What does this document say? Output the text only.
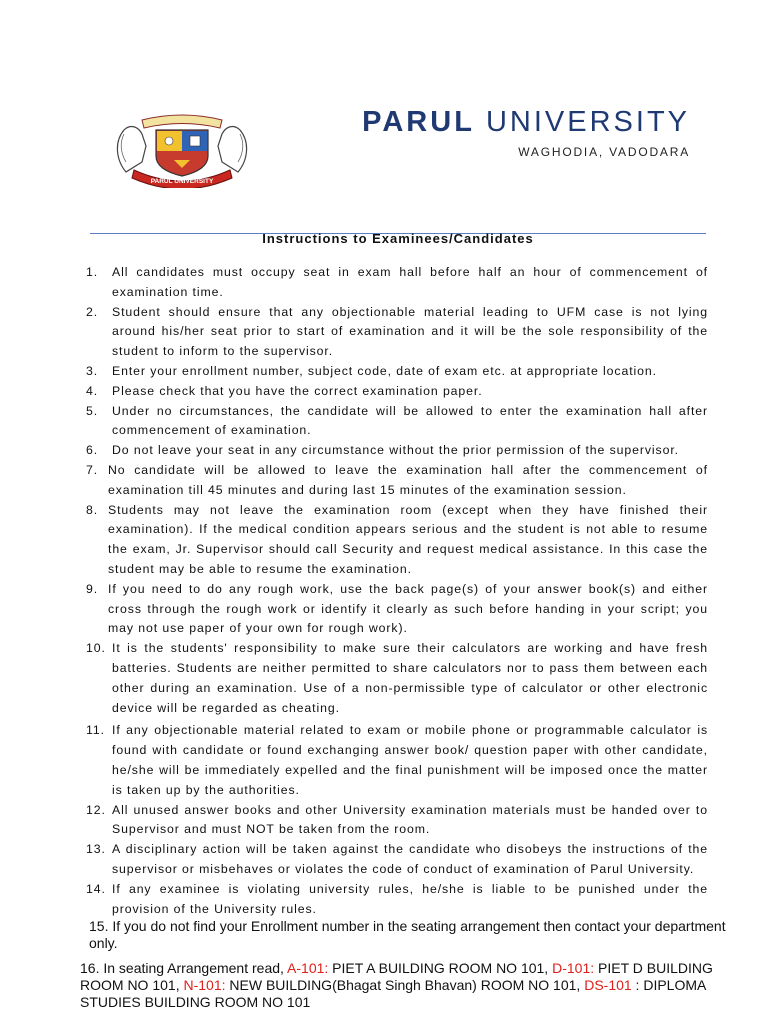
PARUL UNIVERSITY
PARUL UNIVERSITY
WAGHODIA, VADODARA
Instructions to Examinees/Candidates
1.	All candidates must occupy seat in exam hall before half an hour of commencement of examination time.
2.	Student should ensure that any objectionable material leading to UFM case is not lying around his/her seat prior to start of examination and it will be the sole responsibility of the student to inform to the supervisor.
3.	Enter your enrollment number, subject code, date of exam etc. at appropriate location.
4.	Please check that you have the correct examination paper.
5.	Under no circumstances, the candidate will be allowed to enter the examination hall after commencement of examination.
6.	Do not leave your seat in any circumstance without the prior permission of the supervisor.
7. No candidate will be allowed to leave the examination hall after the commencement of examination till 45 minutes and during last 15 minutes of the examination session.
8. Students may not leave the examination room (except when they have finished their examination). If the medical condition appears serious and the student is not able to resume the exam, Jr. Supervisor should call Security and request medical assistance. In this case the student may be able to resume the examination.
9. If you need to do any rough work, use the back page(s) of your answer book(s) and either cross through the rough work or identify it clearly as such before handing in your script; you may not use paper of your own for rough work).
10. It is the students' responsibility to make sure their calculators are working and have fresh batteries. Students are neither permitted to share calculators nor to pass them between each other during an examination. Use of a non-permissible type of calculator or other electronic device will be regarded as cheating.
11. If any objectionable material related to exam or mobile phone or programmable calculator is found with candidate or found exchanging answer book/ question paper with other candidate, he/she will be immediately expelled and the final punishment will be imposed once the matter is taken up by the authorities.
12. All unused answer books and other University examination materials must be handed over to Supervisor and must NOT be taken from the room.
13. A disciplinary action will be taken against the candidate who disobeys the instructions of the supervisor or misbehaves or violates the code of conduct of examination of Parul University.
14. If any examinee is violating university rules, he/she is liable to be punished under the provision of the University rules.
15. If you do not find your Enrollment number in the seating arrangement then contact your department only.
16. In seating Arrangement read, A-101: PIET A BUILDING ROOM NO 101, D-101: PIET D BUILDING ROOM NO 101, N-101: NEW BUILDING(Bhagat Singh Bhavan) ROOM NO 101, DS-101 : DIPLOMA STUDIES BUILDING ROOM NO 101
